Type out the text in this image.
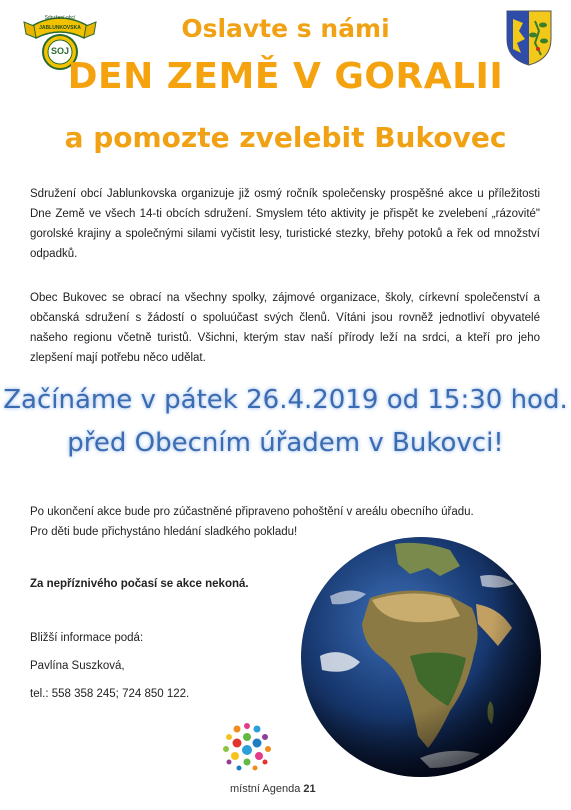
Sdružení obcí
JABLUNKOVSKA
SOJ
Oslavte s námi
DEN ZEMĚ V GORALII
a pomozte zvelebit Bukovec
Sdružení obcí Jablunkovska organizuje již osmý ročník společensky prospěšné akce u příležitosti Dne Země ve všech 14-ti obcích sdružení. Smyslem této aktivity je přispět ke zvelebení „rázovité" gorolské krajiny a společnými silami vyčistit lesy, turistické stezky, břehy potoků a řek od množství odpadků.
Obec Bukovec se obrací na všechny spolky, zájmové organizace, školy, církevní společenství a občanská sdružení s žádostí o spoluúčast svých členů. Vítáni jsou rovněž jednotliví obyvatelé našeho regionu včetně turistů. Všichni, kterým stav naší přírody leží na srdci, a kteří pro jeho zlepšení mají potřebu něco udělat.
Začínáme v pátek 26.4.2019 od 15:30 hod.
před Obecním úřadem v Bukovci!
Po ukončení akce bude pro zúčastněné připraveno pohoštění v areálu obecního úřadu.
Pro děti bude přichystáno hledání sladkého pokladu!
Za nepříznivého počasí se akce nekoná.
Bližší informace podá:
Pavlína Suszková,
tel.: 558 358 245; 724 850 122.
místní Agenda 21
